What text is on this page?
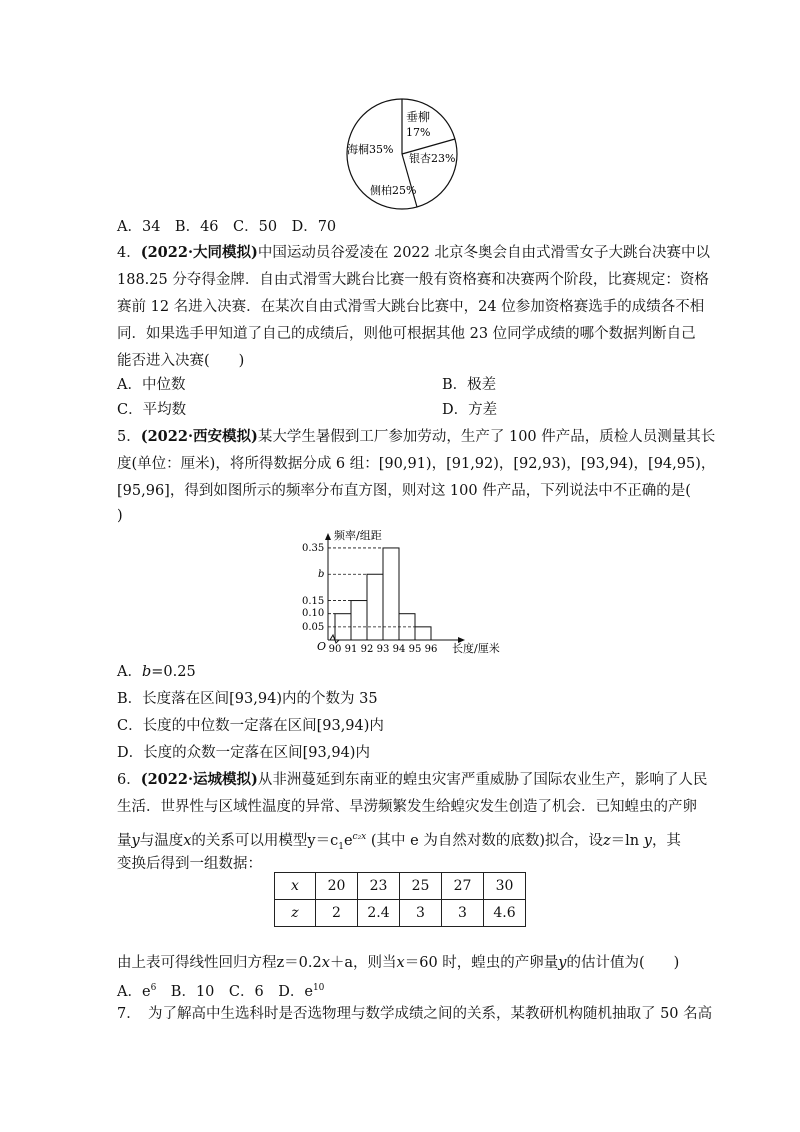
垂柳
17%
银杏23%
侧柏25%
海桐35%
A．34　B．46　C．50　D．70
4．(2022·大同模拟)中国运动员谷爱凌在 2022 北京冬奥会自由式滑雪女子大跳台决赛中以
188.25 分夺得金牌．自由式滑雪大跳台比赛一般有资格赛和决赛两个阶段，比赛规定：资格
赛前 12 名进入决赛．在某次自由式滑雪大跳台比赛中，24 位参加资格赛选手的成绩各不相
同．如果选手甲知道了自己的成绩后，则他可根据其他 23 位同学成绩的哪个数据判断自己
能否进入决赛(　　)
A．中位数	B．极差
C．平均数	D．方差
5．(2022·西安模拟)某大学生暑假到工厂参加劳动，生产了 100 件产品，质检人员测量其长
度(单位：厘米)，将所得数据分成 6 组：[90,91)，[91,92)，[92,93)，[93,94)，[94,95)，
[95,96]，得到如图所示的频率分布直方图，则对这 100 件产品，下列说法中不正确的是(
)
频率/组距
长度/厘米
O
0.35
b
0.15
0.10
0.05
90 91 92 93 94 95 96
A．b=0.25
B．长度落在区间[93,94)内的个数为 35
C．长度的中位数一定落在区间[93,94)内
D．长度的众数一定落在区间[93,94)内
6．(2022·运城模拟)从非洲蔓延到东南亚的蝗虫灾害严重威胁了国际农业生产，影响了人民
生活．世界性与区域性温度的异常、旱涝频繁发生给蝗灾发生创造了机会．已知蝗虫的产卵
量y与温度x的关系可以用模型$y=c_1e^{c_2x}$ (其中 e 为自然对数的底数)拟合，设z＝ln y，其
变换后得到一组数据：
x	20	23	25	27	30
z	2	2.4	3	3	4.6
由上表可得线性回归方程z＝0.2x＋a，则当x＝60 时，蝗虫的产卵量y的估计值为(　　)
A．$e^6$　B．10　C．6　D．$e^{10}$
7．　为了解高中生选科时是否选物理与数学成绩之间的关系，某教研机构随机抽取了 50 名高
